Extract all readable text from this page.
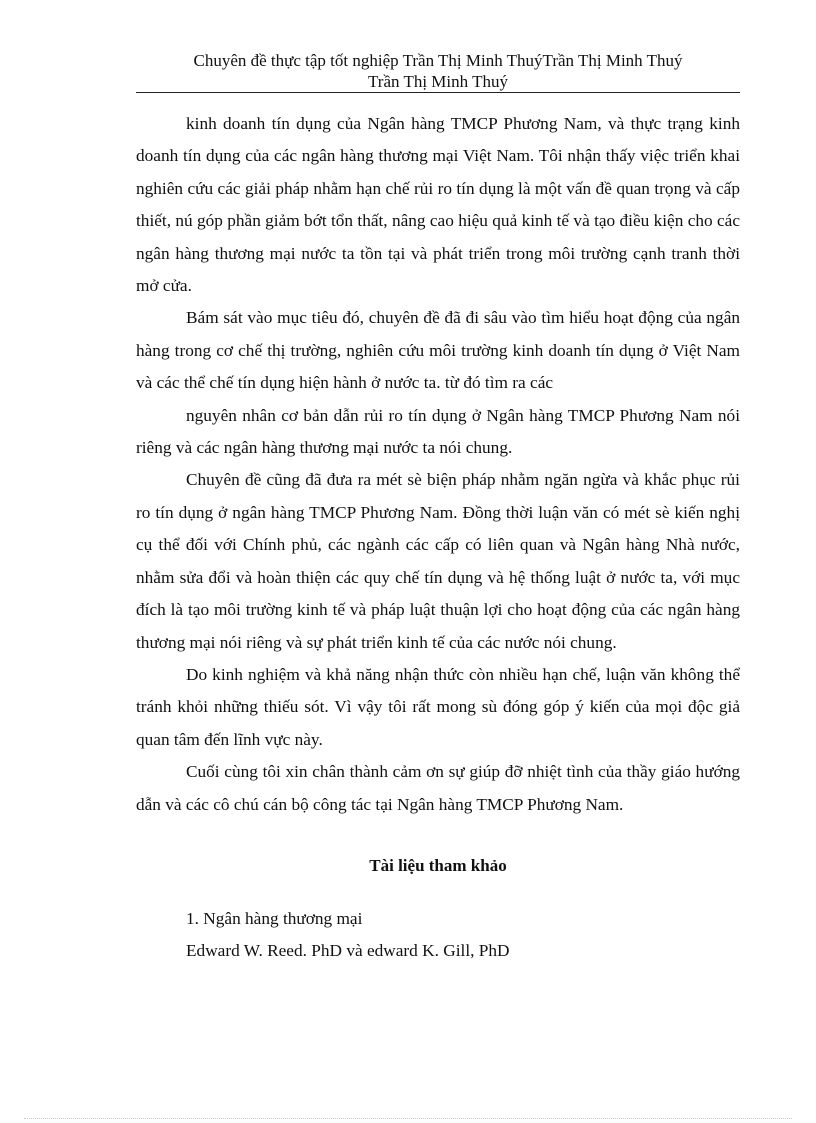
Chuyên đề thực tập tốt nghiệp Trần Thị Minh ThuýTrần Thị Minh Thuý
Trần Thị Minh Thuý

kinh doanh tín dụng của Ngân hàng TMCP Phương Nam, và thực trạng kinh doanh tín dụng của các ngân hàng thương mại Việt Nam. Tôi nhận thấy việc triển khai nghiên cứu các giải pháp nhằm hạn chế rủi ro tín dụng là một vấn đề quan trọng và cấp thiết, nú góp phần giảm bớt tổn thất, nâng cao hiệu quả kinh tế và tạo điều kiện cho các ngân hàng thương mại nước ta tồn tại và phát triển trong môi trường cạnh tranh thời mở cửa.

Bám sát vào mục tiêu đó, chuyên đề đã đi sâu vào tìm hiểu hoạt động của ngân hàng trong cơ chế thị trường, nghiên cứu môi trường kinh doanh tín dụng ở Việt Nam và các thể chế tín dụng hiện hành ở nước ta. từ đó tìm ra các

nguyên nhân cơ bản dẫn rủi ro tín dụng ở Ngân hàng TMCP Phương Nam nói riêng và các ngân hàng thương mại nước ta nói chung.

Chuyên đề cũng đã đưa ra mét sè biện pháp nhằm ngăn ngừa và khắc phục rủi ro tín dụng ở ngân hàng TMCP Phương Nam. Đồng thời luận văn có mét sè kiến nghị cụ thể đối với Chính phủ, các ngành các cấp có liên quan và Ngân hàng Nhà nước, nhằm sửa đổi và hoàn thiện các quy chế tín dụng và hệ thống luật ở nước ta, với mục đích là tạo môi trường kinh tế và pháp luật thuận lợi cho hoạt động của các ngân hàng thương mại nói riêng và sự phát triển kinh tế của các nước nói chung.

Do kinh nghiệm và khả năng nhận thức còn nhiều hạn chế, luận văn không thể tránh khỏi những thiếu sót. Vì vậy tôi rất mong sù đóng góp ý kiến của mọi độc giả quan tâm đến lĩnh vực này.

Cuối cùng tôi xin chân thành cảm ơn sự giúp đỡ nhiệt tình của thầy giáo hướng dẫn và các cô chú cán bộ công tác tại Ngân hàng TMCP Phương Nam.

Tài liệu tham khảo

1. Ngân hàng thương mại

Edward W. Reed. PhD và edward K. Gill, PhD
